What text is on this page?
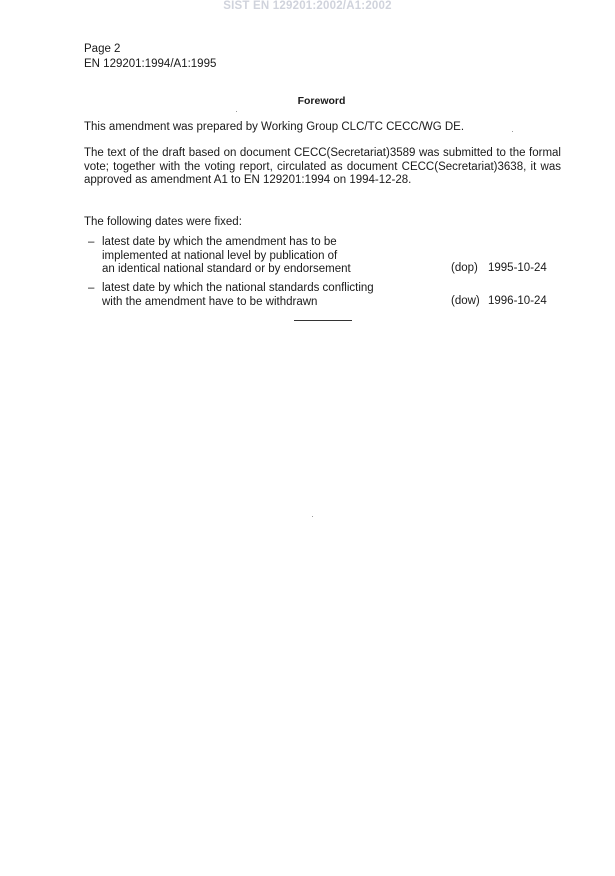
SIST EN 129201:2002/A1:2002
Page 2
EN 129201:1994/A1:1995
Foreword
This amendment was prepared by Working Group CLC/TC CECC/WG DE.
The text of the draft based on document CECC(Secretariat)3589 was submitted to the formal vote; together with the voting report, circulated as document CECC(Secretariat)3638, it was approved as amendment A1 to EN 129201:1994 on 1994-12-28.
The following dates were fixed:
– latest date by which the amendment has to be
implemented at national level by publication of
an identical national standard or by endorsement	(dop) 1995-10-24
– latest date by which the national standards conflicting
with the amendment have to be withdrawn	(dow) 1996-10-24
